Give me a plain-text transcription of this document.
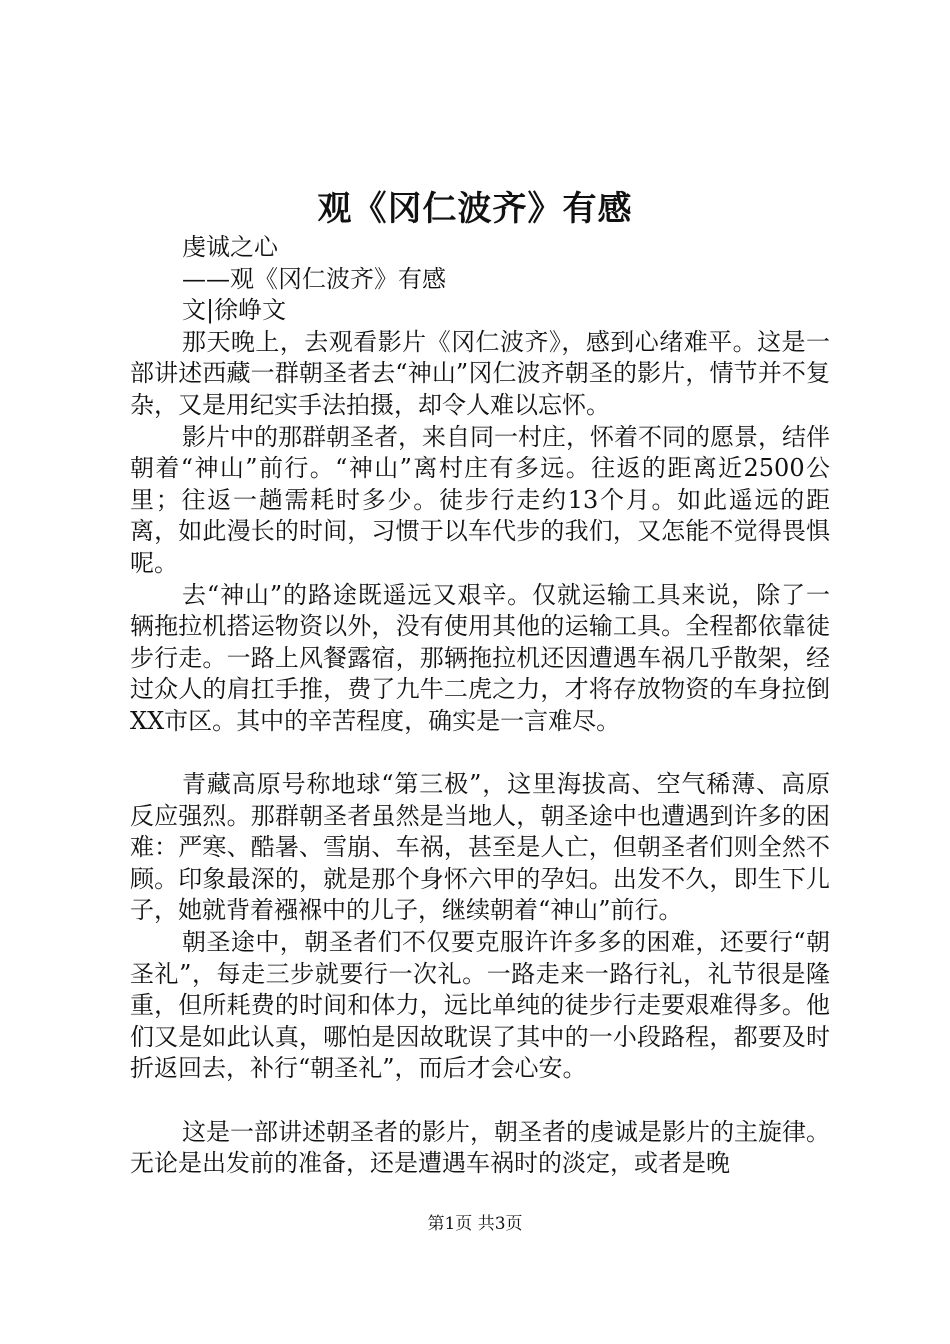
观《冈仁波齐》有感
虔诚之心
——观《冈仁波齐》有感
文|徐峥文

那天晚上，去观看影片《冈仁波齐》，感到心绪难平。这是一部讲述西藏一群朝圣者去“神山”冈仁波齐朝圣的影片，情节并不复杂，又是用纪实手法拍摄，却令人难以忘怀。

影片中的那群朝圣者，来自同一村庄，怀着不同的愿景，结伴朝着“神山”前行。“神山”离村庄有多远。往返的距离近2500公里；往返一趟需耗时多少。徒步行走约13个月。如此遥远的距离，如此漫长的时间，习惯于以车代步的我们，又怎能不觉得畏惧呢。

去“神山”的路途既遥远又艰辛。仅就运输工具来说，除了一辆拖拉机搭运物资以外，没有使用其他的运输工具。全程都依靠徒步行走。一路上风餐露宿，那辆拖拉机还因遭遇车祸几乎散架，经过众人的肩扛手推，费了九牛二虎之力，才将存放物资的车身拉倒XX市区。其中的辛苦程度，确实是一言难尽。

青藏高原号称地球“第三极”，这里海拔高、空气稀薄、高原反应强烈。那群朝圣者虽然是当地人，朝圣途中也遭遇到许多的困难：严寒、酷暑、雪崩、车祸，甚至是人亡，但朝圣者们则全然不顾。印象最深的，就是那个身怀六甲的孕妇。出发不久，即生下儿子，她就背着襁褓中的儿子，继续朝着“神山”前行。

朝圣途中，朝圣者们不仅要克服许许多多的困难，还要行“朝圣礼”，每走三步就要行一次礼。一路走来一路行礼，礼节很是隆重，但所耗费的时间和体力，远比单纯的徒步行走要艰难得多。他们又是如此认真，哪怕是因故耽误了其中的一小段路程，都要及时折返回去，补行“朝圣礼”，而后才会心安。

这是一部讲述朝圣者的影片，朝圣者的虔诚是影片的主旋律。无论是出发前的准备，还是遭遇车祸时的淡定，或者是晚

第1页 共3页
